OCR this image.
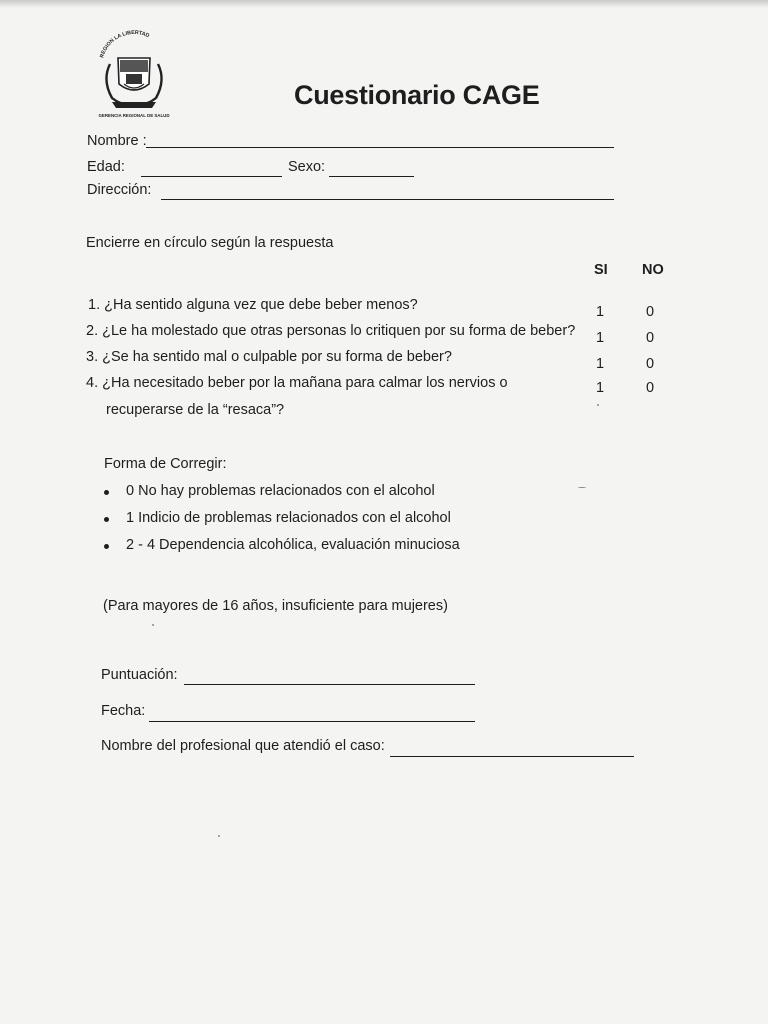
REGION LA LIBERTAD
GERENCIA REGIONAL DE SALUD
Cuestionario CAGE
Nombre :
Edad:	Sexo:
Dirección:
Encierre en círculo según la respuesta
SI NO
1. ¿Ha sentido alguna vez que debe beber menos?	1	0
2. ¿Le ha molestado que otras personas lo critiquen por su forma de beber? 1	0
3. ¿Se ha sentido mal o culpable por su forma de beber?	1	0
4. ¿Ha necesitado beber por la mañana para calmar los nervios o
recuperarse de la “resaca”?
1	0
Forma de Corregir:
0 No hay problemas relacionados con el alcohol
1 Indicio de problemas relacionados con el alcohol
2 - 4 Dependencia alcohólica, evaluación minuciosa
(Para mayores de 16 años, insuficiente para mujeres)
Puntuación:
Fecha:
Nombre del profesional que atendió el caso:
